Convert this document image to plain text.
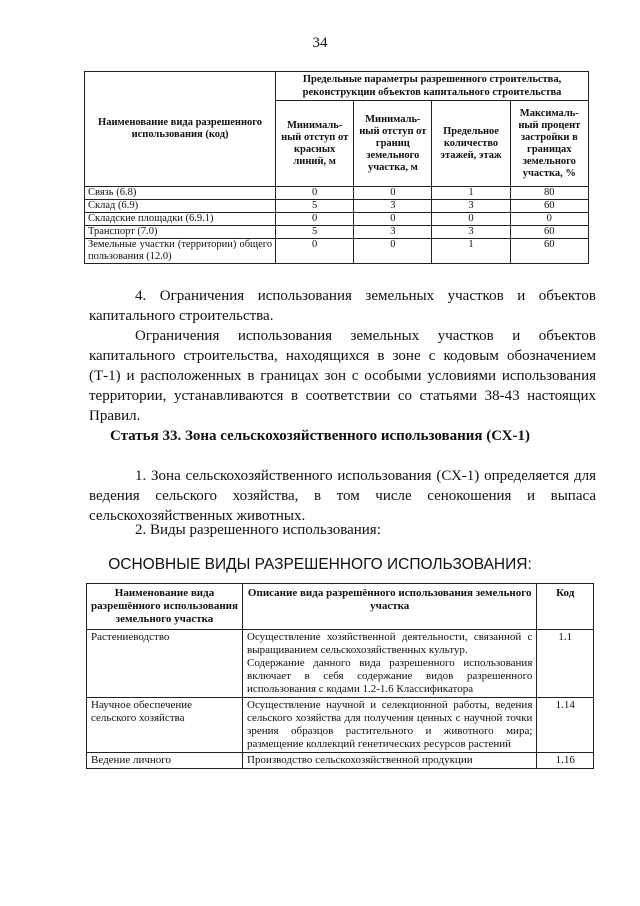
34
Наименование вида разрешенного использования (код)	Предельные параметры разрешенного строительства, реконструкции объектов капитального строительства			
	Минималь-ный отступ от красных линий, м	Минималь-ный отступ от границ земельного участка, м	Предельное количество этажей, этаж	Максималь-ный процент застройки в границах земельного участка, %
Связь (6.8)	0	0	1	80
Склад (6.9)	5	3	3	60
Складские площадки (6.9.1)	0	0	0	0
Транспорт (7.0)	5	3	3	60
Земельные участки (территории) общего пользования (12.0)	0	0	1	60

4. Ограничения использования земельных участков и объектов капитального строительства.

Ограничения использования земельных участков и объектов капитального строительства, находящихся в зоне с кодовым обозначением (Т-1) и расположенных в границах зон с особыми условиями использования территории, устанавливаются в соответствии со статьями 38-43 настоящих Правил.

Статья 33. Зона сельскохозяйственного использования (СХ-1)

1. Зона сельскохозяйственного использования (СХ-1) определяется для ведения сельского хозяйства, в том числе сенокошения и выпаса сельскохозяйственных животных.

2. Виды разрешенного использования:

ОСНОВНЫЕ ВИДЫ РАЗРЕШЕННОГО ИСПОЛЬЗОВАНИЯ:
Наименование вида разрешённого использования земельного участка	Описание вида разрешённого использования земельного участка	Код
Растениеводство	Осуществление хозяйственной деятельности, связанной с выращиванием сельскохозяйственных культур.

Содержание данного вида разрешенного использования включает в себя содержание видов разрешенного использования с кодами 1.2-1.6 Классификатора	1.1
Научное обеспечение сельского хозяйства	Осуществление научной и селекционной работы, ведения сельского хозяйства для получения ценных с научной точки зрения образцов растительного и животного мира; размещение коллекций генетических ресурсов растений	1.14
Ведение личного	Производство сельскохозяйственной продукции	1.16
